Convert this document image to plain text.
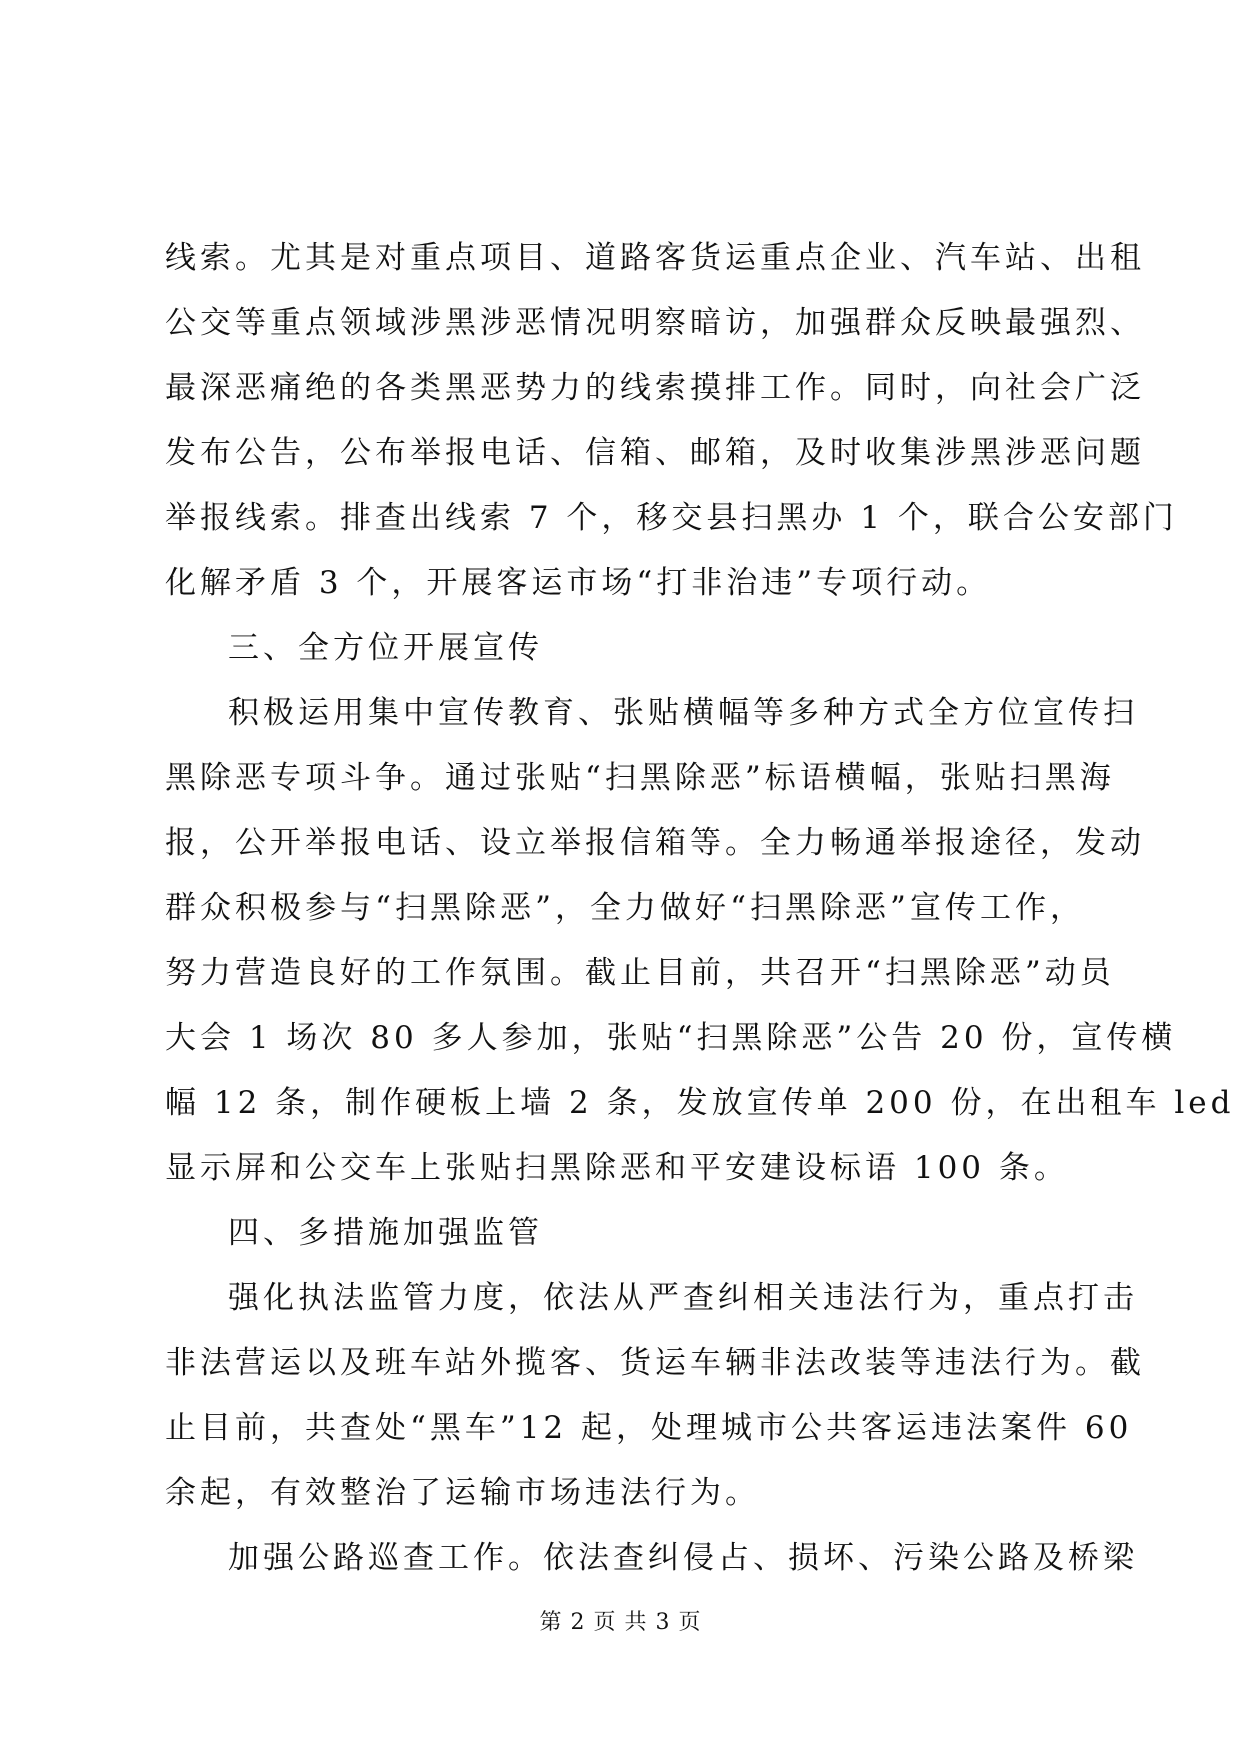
线索。尤其是对重点项目、道路客货运重点企业、汽车站、出租
公交等重点领域涉黑涉恶情况明察暗访，加强群众反映最强烈、
最深恶痛绝的各类黑恶势力的线索摸排工作。同时，向社会广泛
发布公告，公布举报电话、信箱、邮箱，及时收集涉黑涉恶问题
举报线索。排查出线索 7 个，移交县扫黑办 1 个，联合公安部门
化解矛盾 3 个，开展客运市场“打非治违”专项行动。
三、全方位开展宣传
积极运用集中宣传教育、张贴横幅等多种方式全方位宣传扫
黑除恶专项斗争。通过张贴“扫黑除恶”标语横幅，张贴扫黑海
报，公开举报电话、设立举报信箱等。全力畅通举报途径，发动
群众积极参与“扫黑除恶”，全力做好“扫黑除恶”宣传工作，
努力营造良好的工作氛围。截止目前，共召开“扫黑除恶”动员
大会 1 场次 80 多人参加，张贴“扫黑除恶”公告 20 份，宣传横
幅 12 条，制作硬板上墙 2 条，发放宣传单 200 份，在出租车 led
显示屏和公交车上张贴扫黑除恶和平安建设标语 100 条。
四、多措施加强监管
强化执法监管力度，依法从严查纠相关违法行为，重点打击
非法营运以及班车站外揽客、货运车辆非法改装等违法行为。截
止目前，共查处“黑车”12 起，处理城市公共客运违法案件 60
余起，有效整治了运输市场违法行为。
加强公路巡查工作。依法查纠侵占、损坏、污染公路及桥梁
第 2 页 共 3 页
